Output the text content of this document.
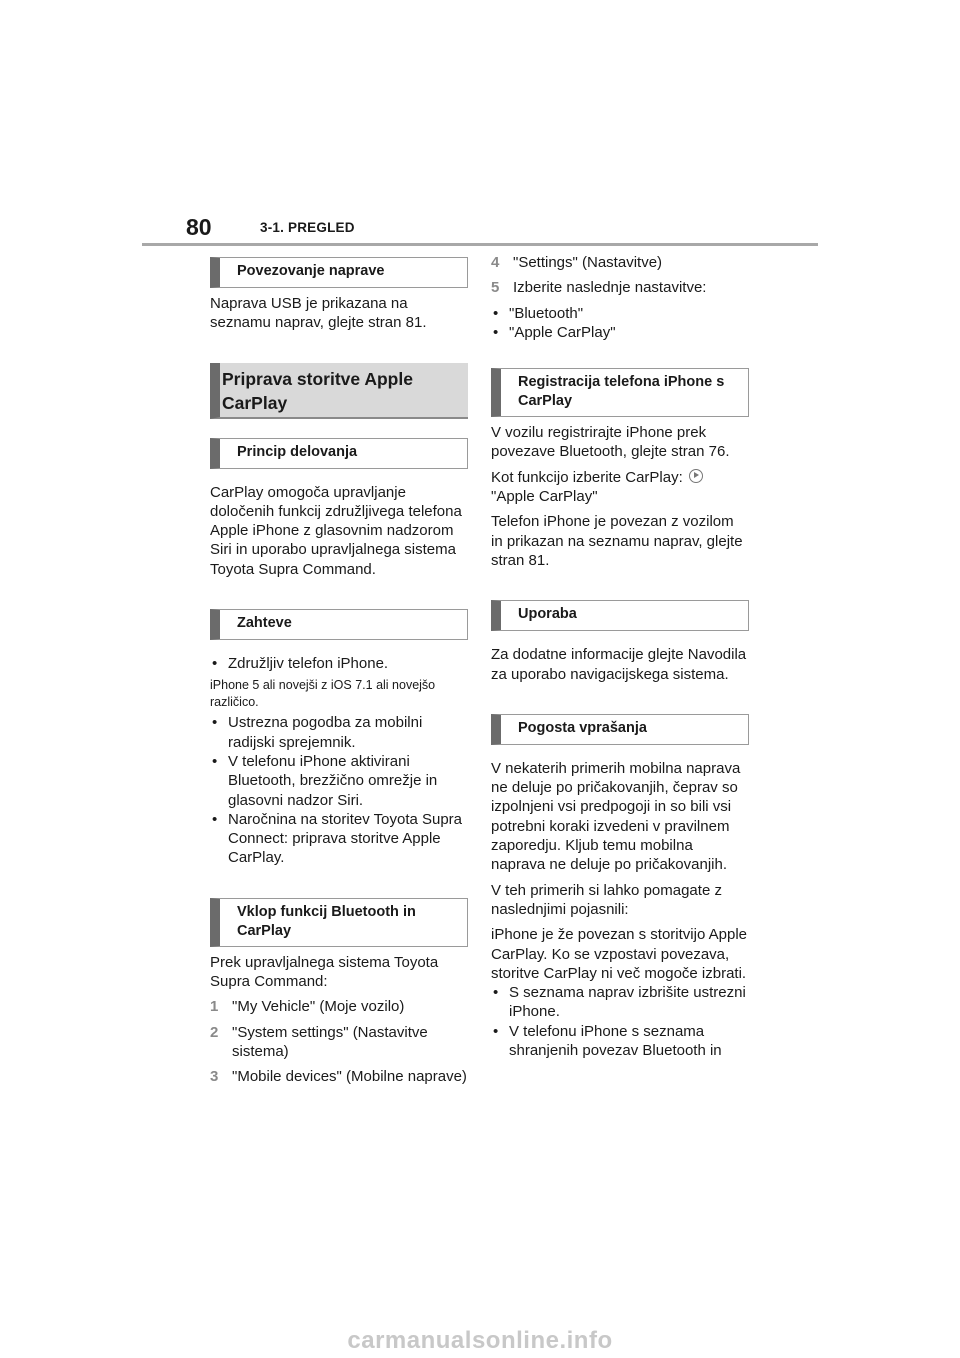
80	3-1. PREGLED
Povezovanje naprave

Naprava USB je prikazana na seznamu naprav, glejte stran 81.

Priprava storitve Apple CarPlay
Princip delovanja

CarPlay omogoča upravljanje določenih funkcij združljivega telefona Apple iPhone z glasovnim nadzorom Siri in uporabo upravljalnega sistema Toyota Supra Command.

Zahteve
• Združljiv telefon iPhone.

iPhone 5 ali novejši z iOS 7.1 ali novejšo različico.

• Ustrezna pogodba za mobilni radijski sprejemnik.
• V telefonu iPhone aktivirani Bluetooth, brezžično omrežje in glasovni nadzor Siri.
• Naročnina na storitev Toyota Supra Connect: priprava storitve Apple CarPlay.
Vklop funkcij Bluetooth in CarPlay

Prek upravljalnega sistema Toyota Supra Command:

1 "My Vehicle" (Moje vozilo)
2 "System settings" (Nastavitve sistema)
3 "Mobile devices" (Mobilne naprave)
4 "Settings" (Nastavitve)
5 Izberite naslednje nastavitve:
• "Bluetooth"
• "Apple CarPlay"
Registracija telefona iPhone s CarPlay

V vozilu registrirajte iPhone prek povezave Bluetooth, glejte stran 76.

Kot funkcijo izberite CarPlay:
"Apple CarPlay"

Telefon iPhone je povezan z vozilom in prikazan na seznamu naprav, glejte stran 81.

Uporaba

Za dodatne informacije glejte Navodila za uporabo navigacijskega sistema.

Pogosta vprašanja

V nekaterih primerih mobilna naprava ne deluje po pričakovanjih, čeprav so izpolnjeni vsi predpogoji in so bili vsi potrebni koraki izvedeni v pravilnem zaporedju. Kljub temu mobilna naprava ne deluje po pričakovanjih.

V teh primerih si lahko pomagate z naslednjimi pojasnili:

iPhone je že povezan s storitvijo Apple CarPlay. Ko se vzpostavi povezava, storitve CarPlay ni več mogoče izbrati.

• S seznama naprav izbrišite ustrezni iPhone.
• V telefonu iPhone s seznama shranjenih povezav Bluetooth in
carmanualsonline.info
